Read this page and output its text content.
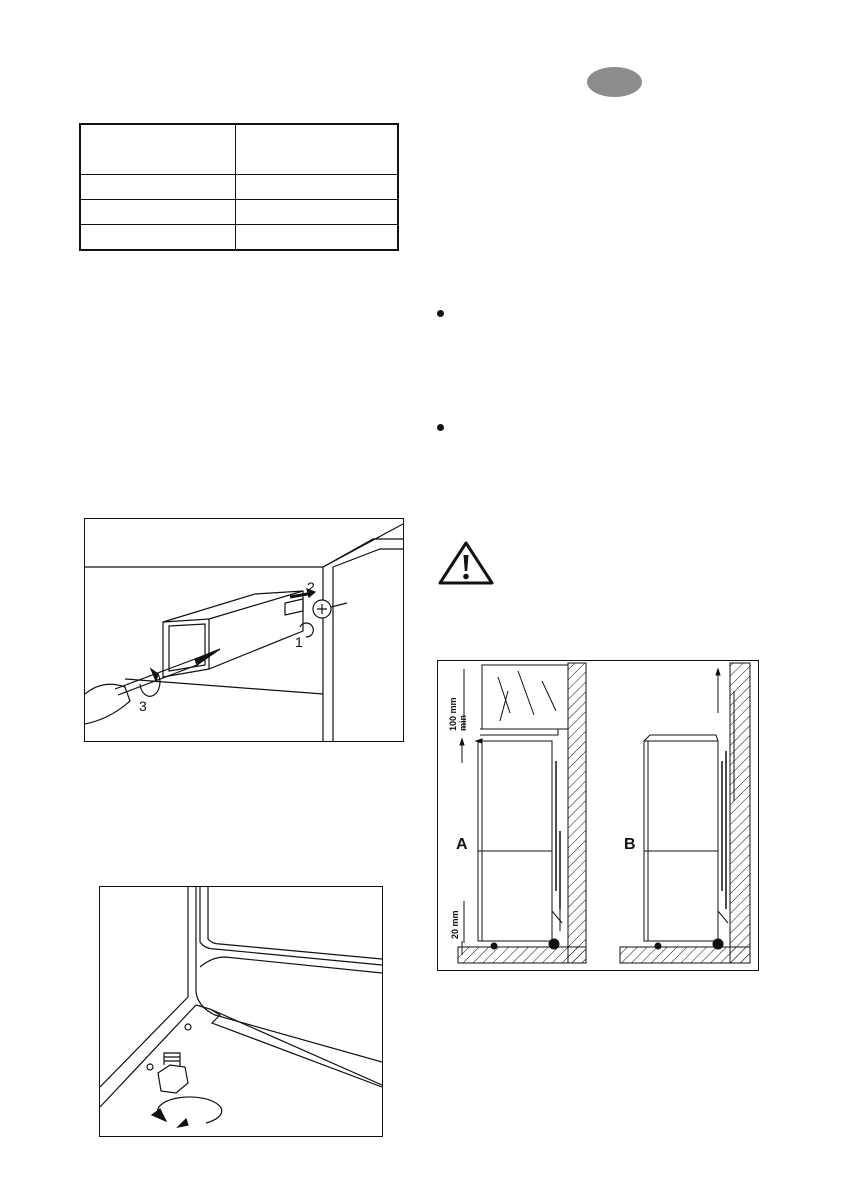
2
1
3
A	B
100 mm min
20 mm
